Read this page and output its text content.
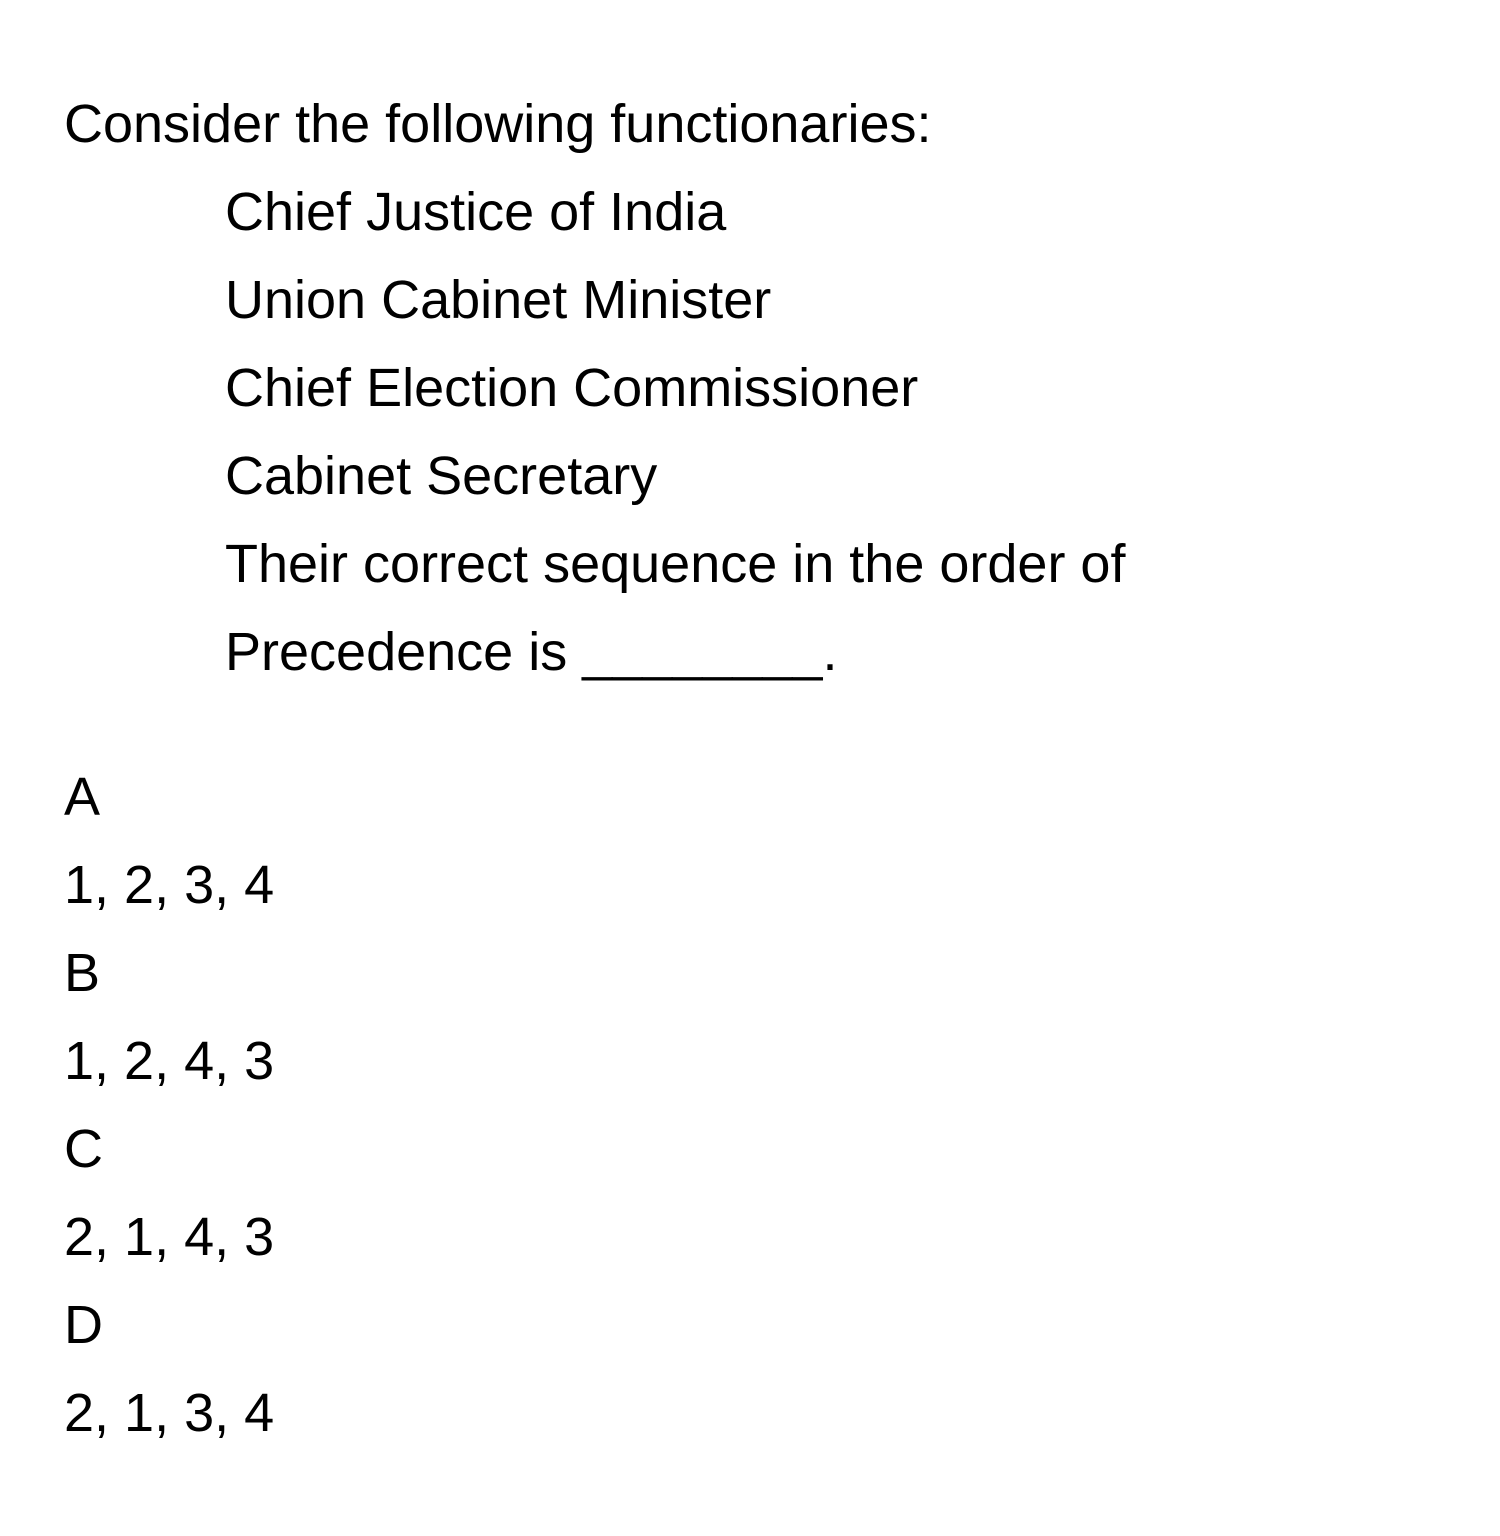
Consider the following functionaries:

Chief Justice of India

Union Cabinet Minister

Chief Election Commissioner

Cabinet Secretary

Their correct sequence in the order of

Precedence is ________.

A

1, 2, 3, 4

B

1, 2, 4, 3

C

2, 1, 4, 3

D

2, 1, 3, 4
